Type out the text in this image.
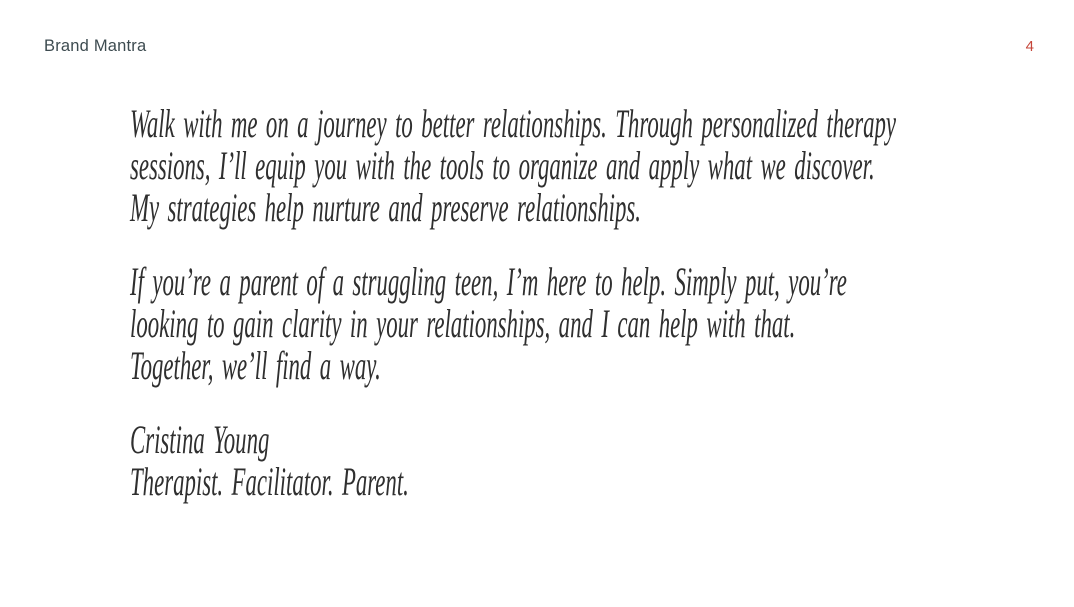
Brand Mantra	4
Walk with me on a journey to better relationships. Through personalized therapy
sessions, I’ll equip you with the tools to organize and apply what we discover.
My strategies help nurture and preserve relationships.
If you’re a parent of a struggling teen, I’m here to help. Simply put, you’re
looking to gain clarity in your relationships, and I can help with that.
Together, we’ll find a way.
Cristina Young
Therapist. Facilitator. Parent.
